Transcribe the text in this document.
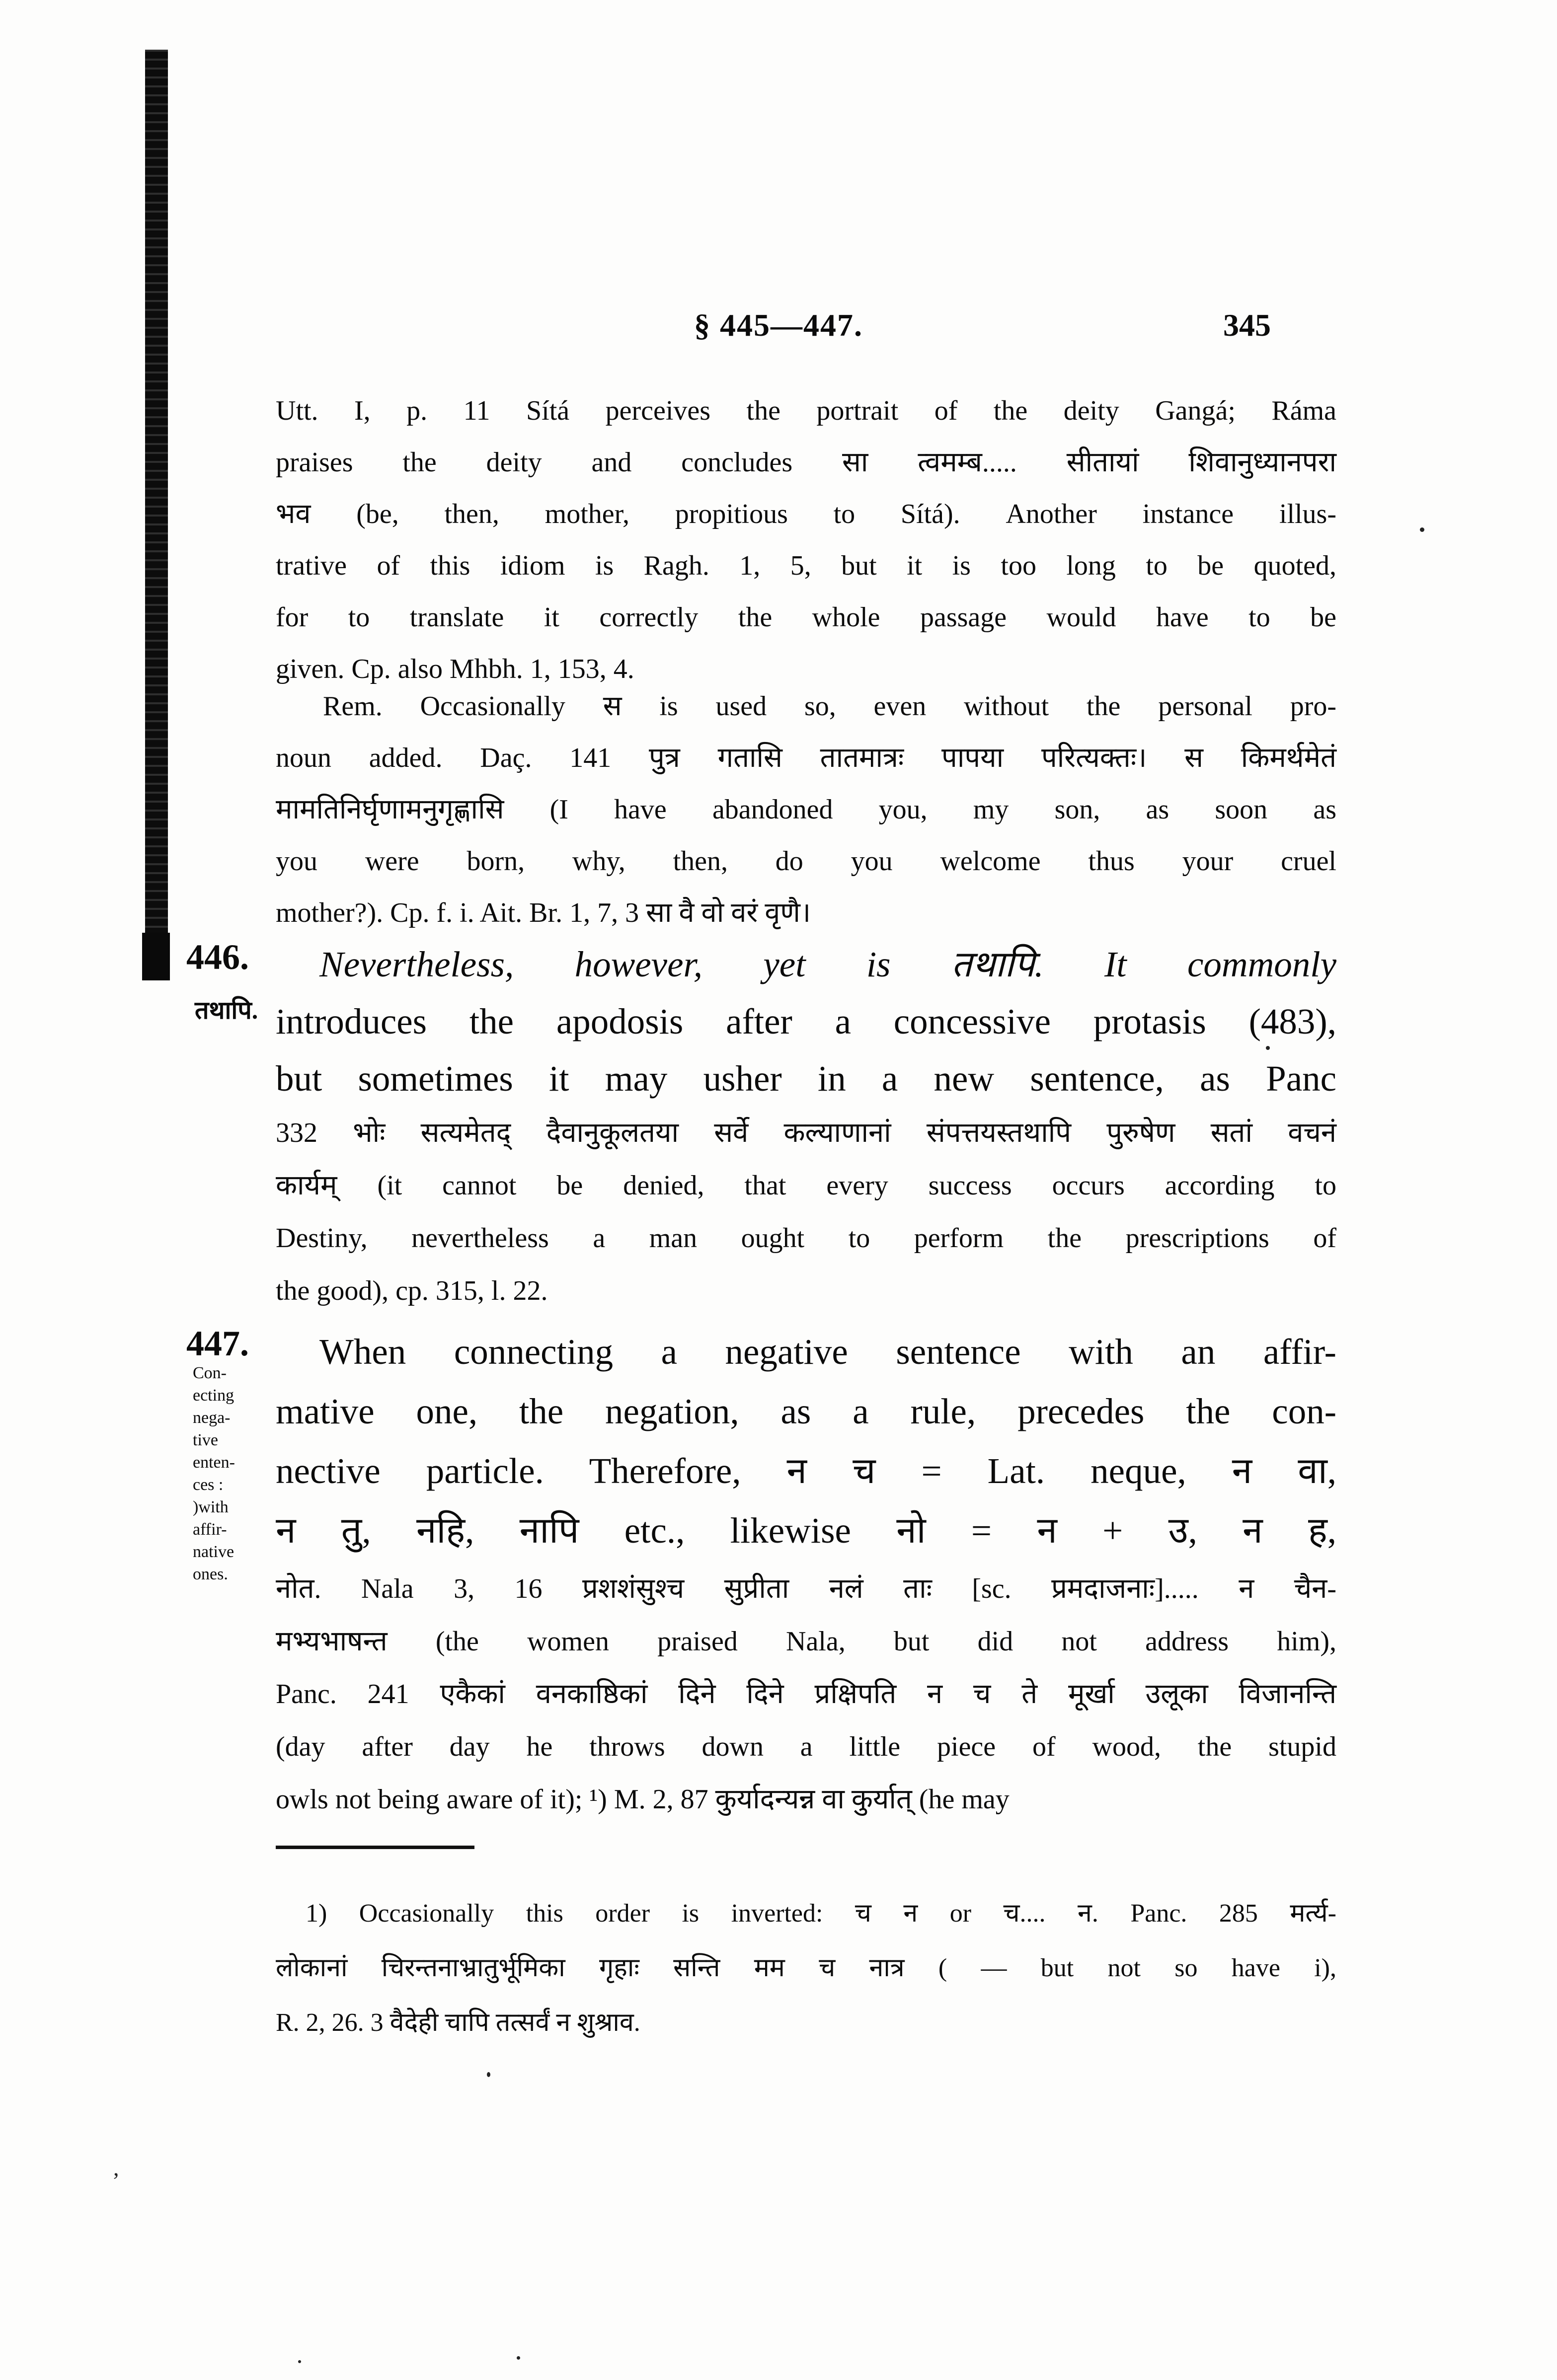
§ 445—447.	345
Utt. I, p. 11 Sítá perceives the portrait of the deity Gangá; Ráma
praises the deity and concludes सा त्वमम्ब..... सीतायां शिवानुध्यानपरा
भव (be, then, mother, propitious to Sítá). Another instance illus-
trative of this idiom is Ragh. 1, 5, but it is too long to be quoted,
for to translate it correctly the whole passage would have to be
given. Cp. also Mhbh. 1, 153, 4.
Rem. Occasionally स is used so, even without the personal pro-
noun added. Daç. 141 पुत्र गतासि तातमात्रः पापया परित्यक्तः। स किमर्थमेतं
मामतिनिर्घृणामनुगृह्णासि (I have abandoned you, my son, as soon as
you were born, why, then, do you welcome thus your cruel
mother?). Cp. f. i. Ait. Br. 1, 7, 3 सा वै वो वरं वृणै।
446.
तथापि.
Nevertheless, however, yet is तथापि. It commonly
introduces the apodosis after a concessive protasis (483),
but sometimes it may usher in a new sentence, as Panc
332 भोः सत्यमेतद् दैवानुकूलतया सर्वे कल्याणानां संपत्तयस्तथापि पुरुषेण सतां वचनं
कार्यम् (it cannot be denied, that every success occurs according to
Destiny, nevertheless a man ought to perform the prescriptions of
the good), cp. 315, l. 22.
447.
Con-
ecting
nega-
tive
enten-
ces :
)with
affir-
native
ones.
When connecting a negative sentence with an affir-
mative one, the negation, as a rule, precedes the con-
nective particle. Therefore, न च = Lat. neque, न वा,
न तु, नहि, नापि etc., likewise नो = न + उ, न ह,
नोत. Nala 3, 16 प्रशशंसुश्च सुप्रीता नलं ताः [sc. प्रमदाजनाः]..... न चैन-
मभ्यभाषन्त (the women praised Nala, but did not address him),
Panc. 241 एकैकां वनकाष्ठिकां दिने दिने प्रक्षिपति न च ते मूर्खा उलूका विजानन्ति
(day after day he throws down a little piece of wood, the stupid
owls not being aware of it); ¹) M. 2, 87 कुर्यादन्यन्न वा कुर्यात् (he may
1) Occasionally this order is inverted: च न or च.... न. Panc. 285 मर्त्य-
लोकानां चिरन्तनाभ्रातुर्भूमिका गृहाः सन्ति मम च नात्र ( — but not so have i),
R. 2, 26. 3 वैदेही चापि तत्सर्वं न शुश्राव.
,
